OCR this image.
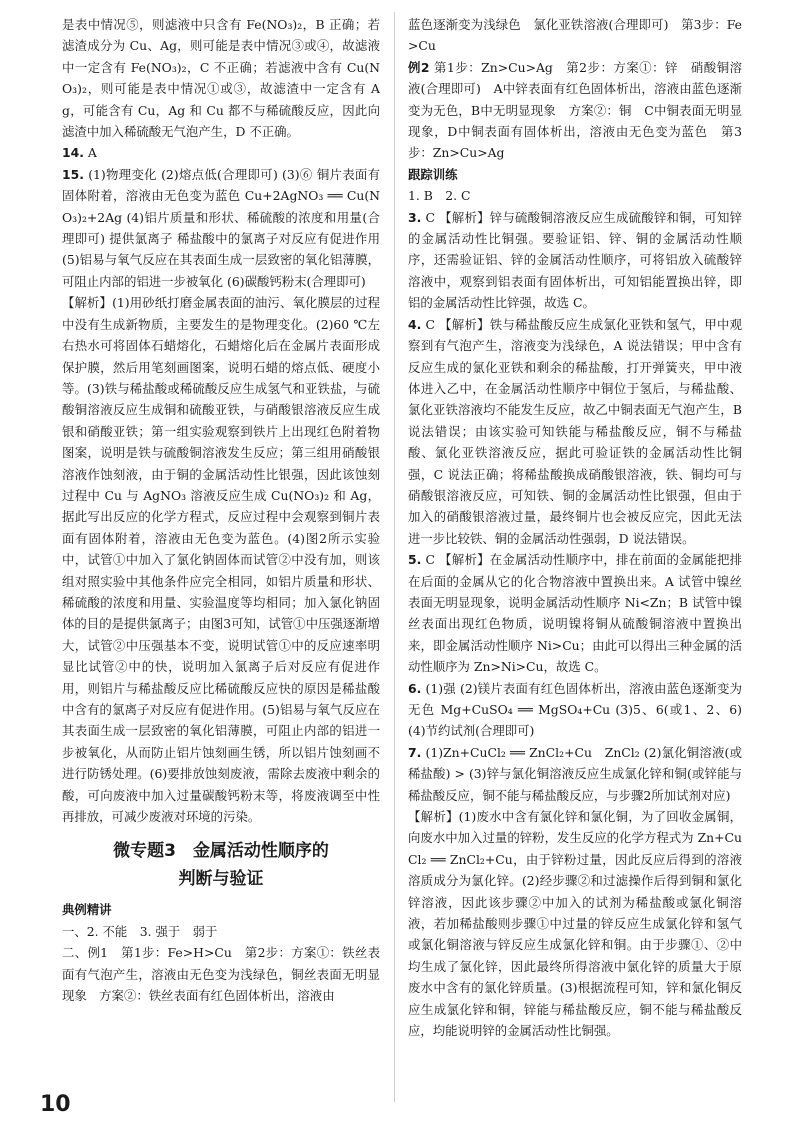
是表中情况⑤，则滤液中只含有 Fe(NO₃)₂，B 正确；若滤渣成分为 Cu、Ag，则可能是表中情况③或④，故滤液中一定含有 Fe(NO₃)₂，C 不正确；若滤液中含有 Cu(NO₃)₂，则可能是表中情况①或③，故滤渣中一定含有 Ag，可能含有 Cu，Ag 和 Cu 都不与稀硫酸反应，因此向滤渣中加入稀硫酸无气泡产生，D 不正确。

14. A

15. (1)物理变化 (2)熔点低(合理即可) (3)⑥ 铜片表面有固体附着，溶液由无色变为蓝色 Cu+2AgNO₃ ══ Cu(NO₃)₂+2Ag (4)铝片质量和形状、稀硫酸的浓度和用量(合理即可) 提供氯离子 稀盐酸中的氯离子对反应有促进作用 (5)铝易与氧气反应在其表面生成一层致密的氧化铝薄膜，可阻止内部的铝进一步被氧化 (6)碳酸钙粉末(合理即可)

【解析】(1)用砂纸打磨金属表面的油污、氧化膜层的过程中没有生成新物质，主要发生的是物理变化。(2)60 ℃左右热水可将固体石蜡熔化，石蜡熔化后在金属片表面形成保护膜，然后用笔刻画图案，说明石蜡的熔点低、硬度小等。(3)铁与稀盐酸或稀硫酸反应生成氢气和亚铁盐，与硫酸铜溶液反应生成铜和硫酸亚铁，与硝酸银溶液反应生成银和硝酸亚铁；第一组实验观察到铁片上出现红色附着物图案，说明是铁与硫酸铜溶液发生反应；第三组用硝酸银溶液作蚀刻液，由于铜的金属活动性比银强，因此该蚀刻过程中 Cu 与 AgNO₃ 溶液反应生成 Cu(NO₃)₂ 和 Ag，据此写出反应的化学方程式，反应过程中会观察到铜片表面有固体附着，溶液由无色变为蓝色。(4)图2所示实验中，试管①中加入了氯化钠固体而试管②中没有加，则该组对照实验中其他条件应完全相同，如铝片质量和形状、稀硫酸的浓度和用量、实验温度等均相同；加入氯化钠固体的目的是提供氯离子；由图3可知，试管①中压强逐渐增大，试管②中压强基本不变，说明试管①中的反应速率明显比试管②中的快，说明加入氯离子后对反应有促进作用，则铝片与稀盐酸反应比稀硫酸反应快的原因是稀盐酸中含有的氯离子对反应有促进作用。(5)铝易与氧气反应在其表面生成一层致密的氧化铝薄膜，可阻止内部的铝进一步被氧化，从而防止铝片蚀刻画生锈，所以铝片蚀刻画不进行防锈处理。(6)要排放蚀刻废液，需除去废液中剩余的酸，可向废液中加入过量碳酸钙粉末等，将废液调至中性再排放，可减少废液对环境的污染。

微专题3　金属活动性顺序的
判断与验证

典例精讲

一、2. 不能　3. 强于　弱于

二、例1　第1步：Fe>H>Cu　第2步：方案①：铁丝表面有气泡产生，溶液由无色变为浅绿色，铜丝表面无明显现象　方案②：铁丝表面有红色固体析出，溶液由

蓝色逐渐变为浅绿色　氯化亚铁溶液(合理即可)　第3步：Fe>Cu

例2 第1步：Zn>Cu>Ag　第2步：方案①：锌　硝酸铜溶液(合理即可)　A中锌表面有红色固体析出，溶液由蓝色逐渐变为无色，B中无明显现象　方案②：铜　C中铜表面无明显现象，D中铜表面有固体析出，溶液由无色变为蓝色　第3步：Zn>Cu>Ag

跟踪训练

1. B　2. C

3. C 【解析】锌与硫酸铜溶液反应生成硫酸锌和铜，可知锌的金属活动性比铜强。要验证铝、锌、铜的金属活动性顺序，还需验证铝、锌的金属活动性顺序，可将铝放入硫酸锌溶液中，观察到铝表面有固体析出，可知铝能置换出锌，即铝的金属活动性比锌强，故选 C。

4. C 【解析】铁与稀盐酸反应生成氯化亚铁和氢气，甲中观察到有气泡产生，溶液变为浅绿色，A 说法错误；甲中含有反应生成的氯化亚铁和剩余的稀盐酸，打开弹簧夹，甲中液体进入乙中，在金属活动性顺序中铜位于氢后，与稀盐酸、氯化亚铁溶液均不能发生反应，故乙中铜表面无气泡产生，B 说法错误；由该实验可知铁能与稀盐酸反应，铜不与稀盐酸、氯化亚铁溶液反应，据此可验证铁的金属活动性比铜强，C 说法正确；将稀盐酸换成硝酸银溶液，铁、铜均可与硝酸银溶液反应，可知铁、铜的金属活动性比银强，但由于加入的硝酸银溶液过量，最终铜片也会被反应完，因此无法进一步比较铁、铜的金属活动性强弱，D 说法错误。

5. C 【解析】在金属活动性顺序中，排在前面的金属能把排在后面的金属从它的化合物溶液中置换出来。A 试管中镍丝表面无明显现象，说明金属活动性顺序 Ni<Zn；B 试管中镍丝表面出现红色物质，说明镍将铜从硫酸铜溶液中置换出来，即金属活动性顺序 Ni>Cu；由此可以得出三种金属的活动性顺序为 Zn>Ni>Cu，故选 C。

6. (1)强 (2)镁片表面有红色固体析出，溶液由蓝色逐渐变为无色 Mg+CuSO₄ ══ MgSO₄+Cu (3)5、6(或1、2、6) (4)节约试剂(合理即可)

7. (1)Zn+CuCl₂ ══ ZnCl₂+Cu　ZnCl₂ (2)氯化铜溶液(或稀盐酸) > (3)锌与氯化铜溶液反应生成氯化锌和铜(或锌能与稀盐酸反应，铜不能与稀盐酸反应，与步骤2所加试剂对应)

【解析】(1)废水中含有氯化锌和氯化铜，为了回收金属铜，向废水中加入过量的锌粉，发生反应的化学方程式为 Zn+CuCl₂ ══ ZnCl₂+Cu，由于锌粉过量，因此反应后得到的溶液溶质成分为氯化锌。(2)经步骤②和过滤操作后得到铜和氯化锌溶液，因此该步骤②中加入的试剂为稀盐酸或氯化铜溶液，若加稀盐酸则步骤①中过量的锌反应生成氯化锌和氢气或氯化铜溶液与锌反应生成氯化锌和铜。由于步骤①、②中均生成了氯化锌，因此最终所得溶液中氯化锌的质量大于原废水中含有的氯化锌质量。(3)根据流程可知，锌和氯化铜反应生成氯化锌和铜，锌能与稀盐酸反应，铜不能与稀盐酸反应，均能说明锌的金属活动性比铜强。

10
